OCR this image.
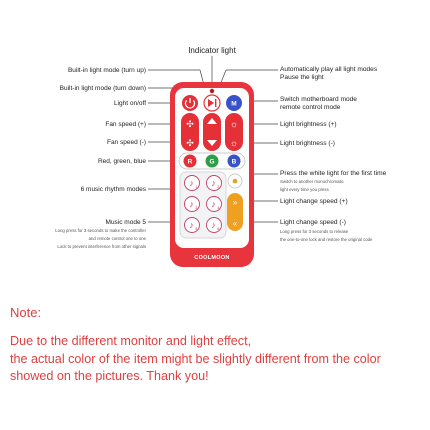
M
✣
✣
☼
☼
R	G	B
♪ 1 ♪ 2
♪ 3 ♪ 4
♪ 5 ♪ 6
✹
»
«
COOLMOON
Indicator light
Built-in light mode (turn up)
Built-in light mode (turn down)
Light on/off
Fan speed (+)
Fan speed (-)
Red, green, blue
6 music rhythm modes
Music mode 5
Long press for 3 seconds to make the controller
and remote control one to one
Lock to prevent interference from other signals
Automatically play all light modes
Pause the light
Switch motherboard mode
remote control mode
Light brightness (+)
Light brightness (-)
Press the white light for the first time
Light change speed (+)
Light change speed (-)
Switch to another monochromatic
light every time you press
Long press for 3 seconds to release
the one-to-one lock and restore the original code
Note:
Due to the different monitor and light effect,
the actual color of the item might be slightly different from the color
showed on the pictures. Thank you!
